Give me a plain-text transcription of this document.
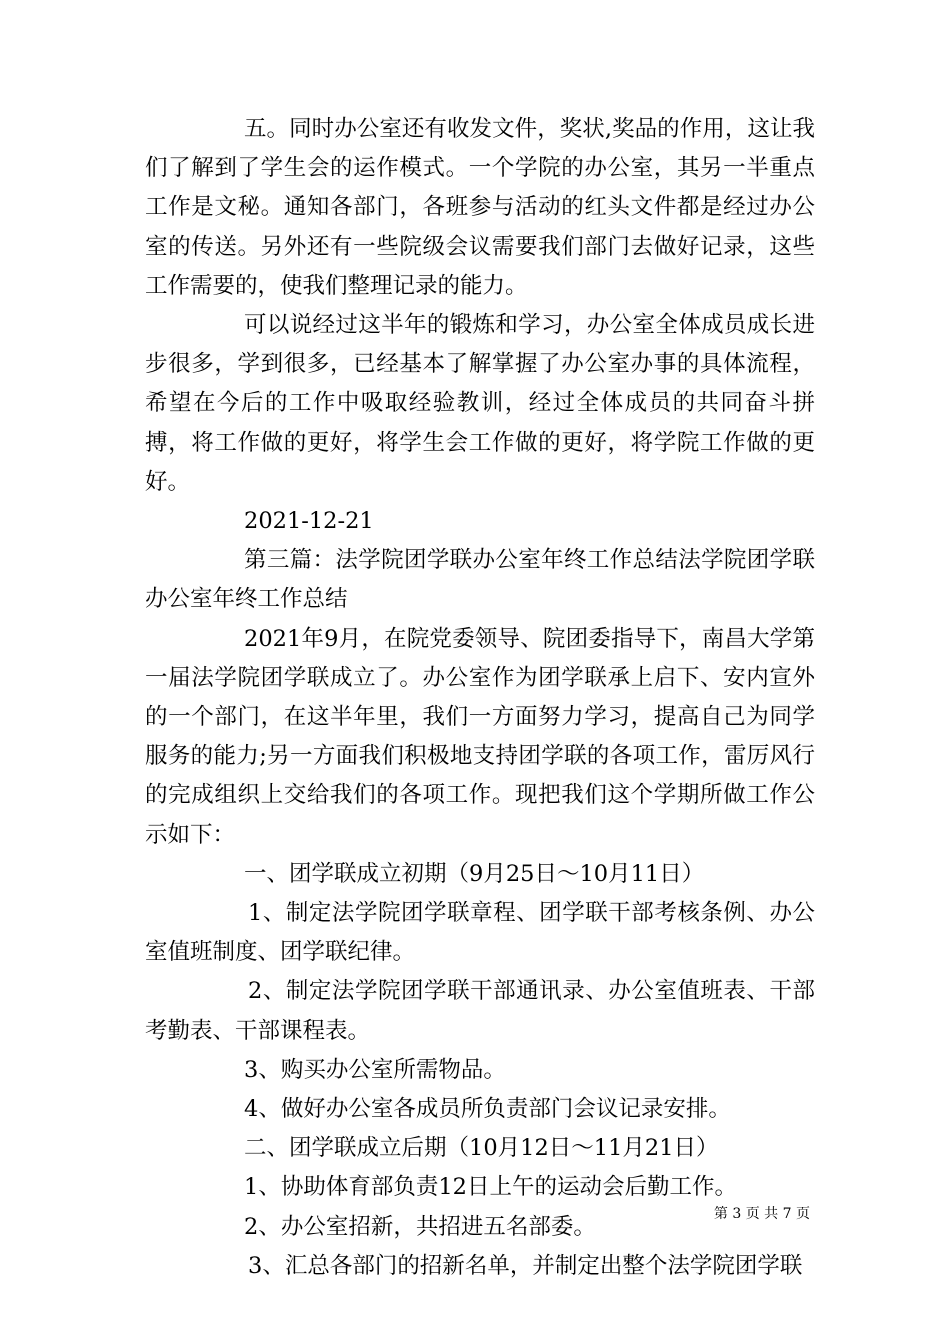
五。同时办公室还有收发文件，奖状,奖品的作用，这让我们了解到了学生会的运作模式。一个学院的办公室，其另一半重点工作是文秘。通知各部门，各班参与活动的红头文件都是经过办公室的传送。另外还有一些院级会议需要我们部门去做好记录，这些工作需要的，使我们整理记录的能力。

可以说经过这半年的锻炼和学习，办公室全体成员成长进步很多，学到很多，已经基本了解掌握了办公室办事的具体流程，希望在今后的工作中吸取经验教训，经过全体成员的共同奋斗拼搏，将工作做的更好，将学生会工作做的更好，将学院工作做的更好。

2021-12-21

第三篇：法学院团学联办公室年终工作总结法学院团学联办公室年终工作总结

2021年9月，在院党委领导、院团委指导下，南昌大学第一届法学院团学联成立了。办公室作为团学联承上启下、安内宣外的一个部门，在这半年里，我们一方面努力学习，提高自己为同学服务的能力;另一方面我们积极地支持团学联的各项工作，雷厉风行的完成组织上交给我们的各项工作。现把我们这个学期所做工作公示如下：

一、团学联成立初期（9月25日～10月11日）

1、制定法学院团学联章程、团学联干部考核条例、办公室值班制度、团学联纪律。

2、制定法学院团学联干部通讯录、办公室值班表、干部考勤表、干部课程表。

3、购买办公室所需物品。

4、做好办公室各成员所负责部门会议记录安排。

二、团学联成立后期（10月12日～11月21日）

1、协助体育部负责12日上午的运动会后勤工作。

2、办公室招新，共招进五名部委。

3、汇总各部门的招新名单，并制定出整个法学院团学联

第 3 页 共 7 页
